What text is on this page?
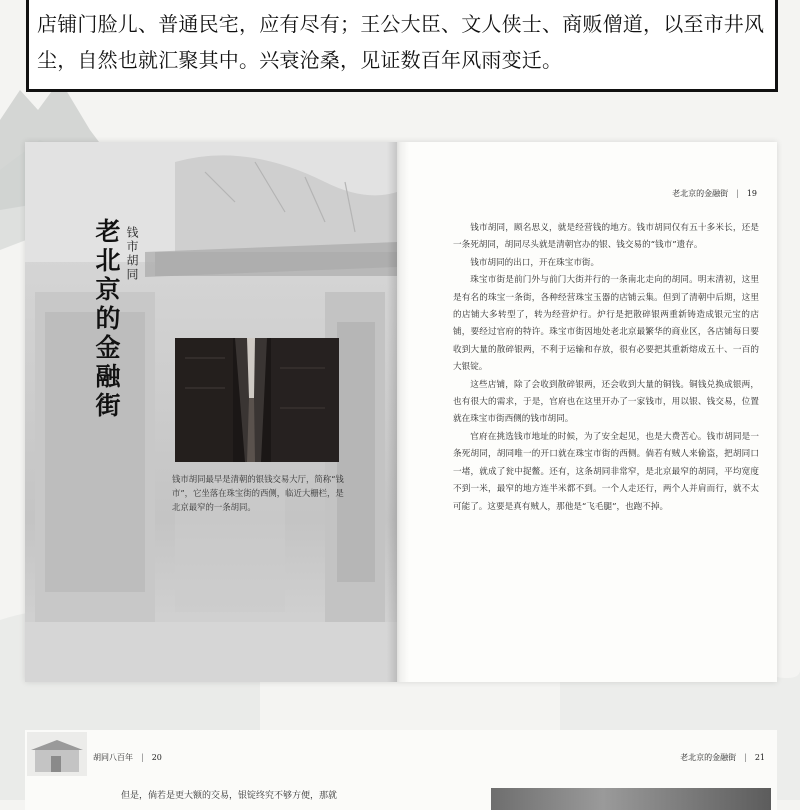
店铺门脸儿、普通民宅，应有尽有；王公大臣、文人侠士、商贩僧道，以至市井风

尘，自然也就汇聚其中。兴衰沧桑，见证数百年风雨变迁。

老北京的金融街 钱市胡同
钱市胡同最早是清朝的银钱交易大厅，简称“钱市”，它坐落在珠宝街的西侧，临近大栅栏，是北京最窄的一条胡同。
老北京的金融街 | 19

钱市胡同，顾名思义，就是经营钱的地方。钱市胡同仅有五十多米长，还是一条死胡同，胡同尽头就是清朝官办的银、钱交易的“钱市”遗存。

钱市胡同的出口，开在珠宝市街。

珠宝市街是前门外与前门大街并行的一条南北走向的胡同。明末清初，这里是有名的珠宝一条街，各种经营珠宝玉器的店铺云集。但到了清朝中后期，这里的店铺大多转型了，转为经营炉行。炉行是把散碎银两重新铸造成银元宝的店铺，要经过官府的特许。珠宝市街因地处老北京最繁华的商业区，各店铺每日要收到大量的散碎银两，不利于运输和存放，很有必要把其重新熔成五十、一百的大银锭。

这些店铺，除了会收到散碎银两，还会收到大量的铜钱。铜钱兑换成银两，也有很大的需求，于是，官府也在这里开办了一家钱市，用以银、钱交易，位置就在珠宝市街西侧的钱市胡同。

官府在挑选钱市地址的时候，为了安全起见，也是大费苦心。钱市胡同是一条死胡同，胡同唯一的开口就在珠宝市街的西侧。倘若有贼人来偷盗，把胡同口一堵，就成了瓮中捉鳖。还有，这条胡同非常窄，是北京最窄的胡同，平均宽度不到一米，最窄的地方连半米都不到。一个人走还行，两个人并肩而行，就不太可能了。这要是真有贼人，那他是“飞毛腿”，也跑不掉。

胡同八百年 | 20	老北京的金融街 | 21
但是，倘若是更大额的交易，银锭终究不够方便，那就
